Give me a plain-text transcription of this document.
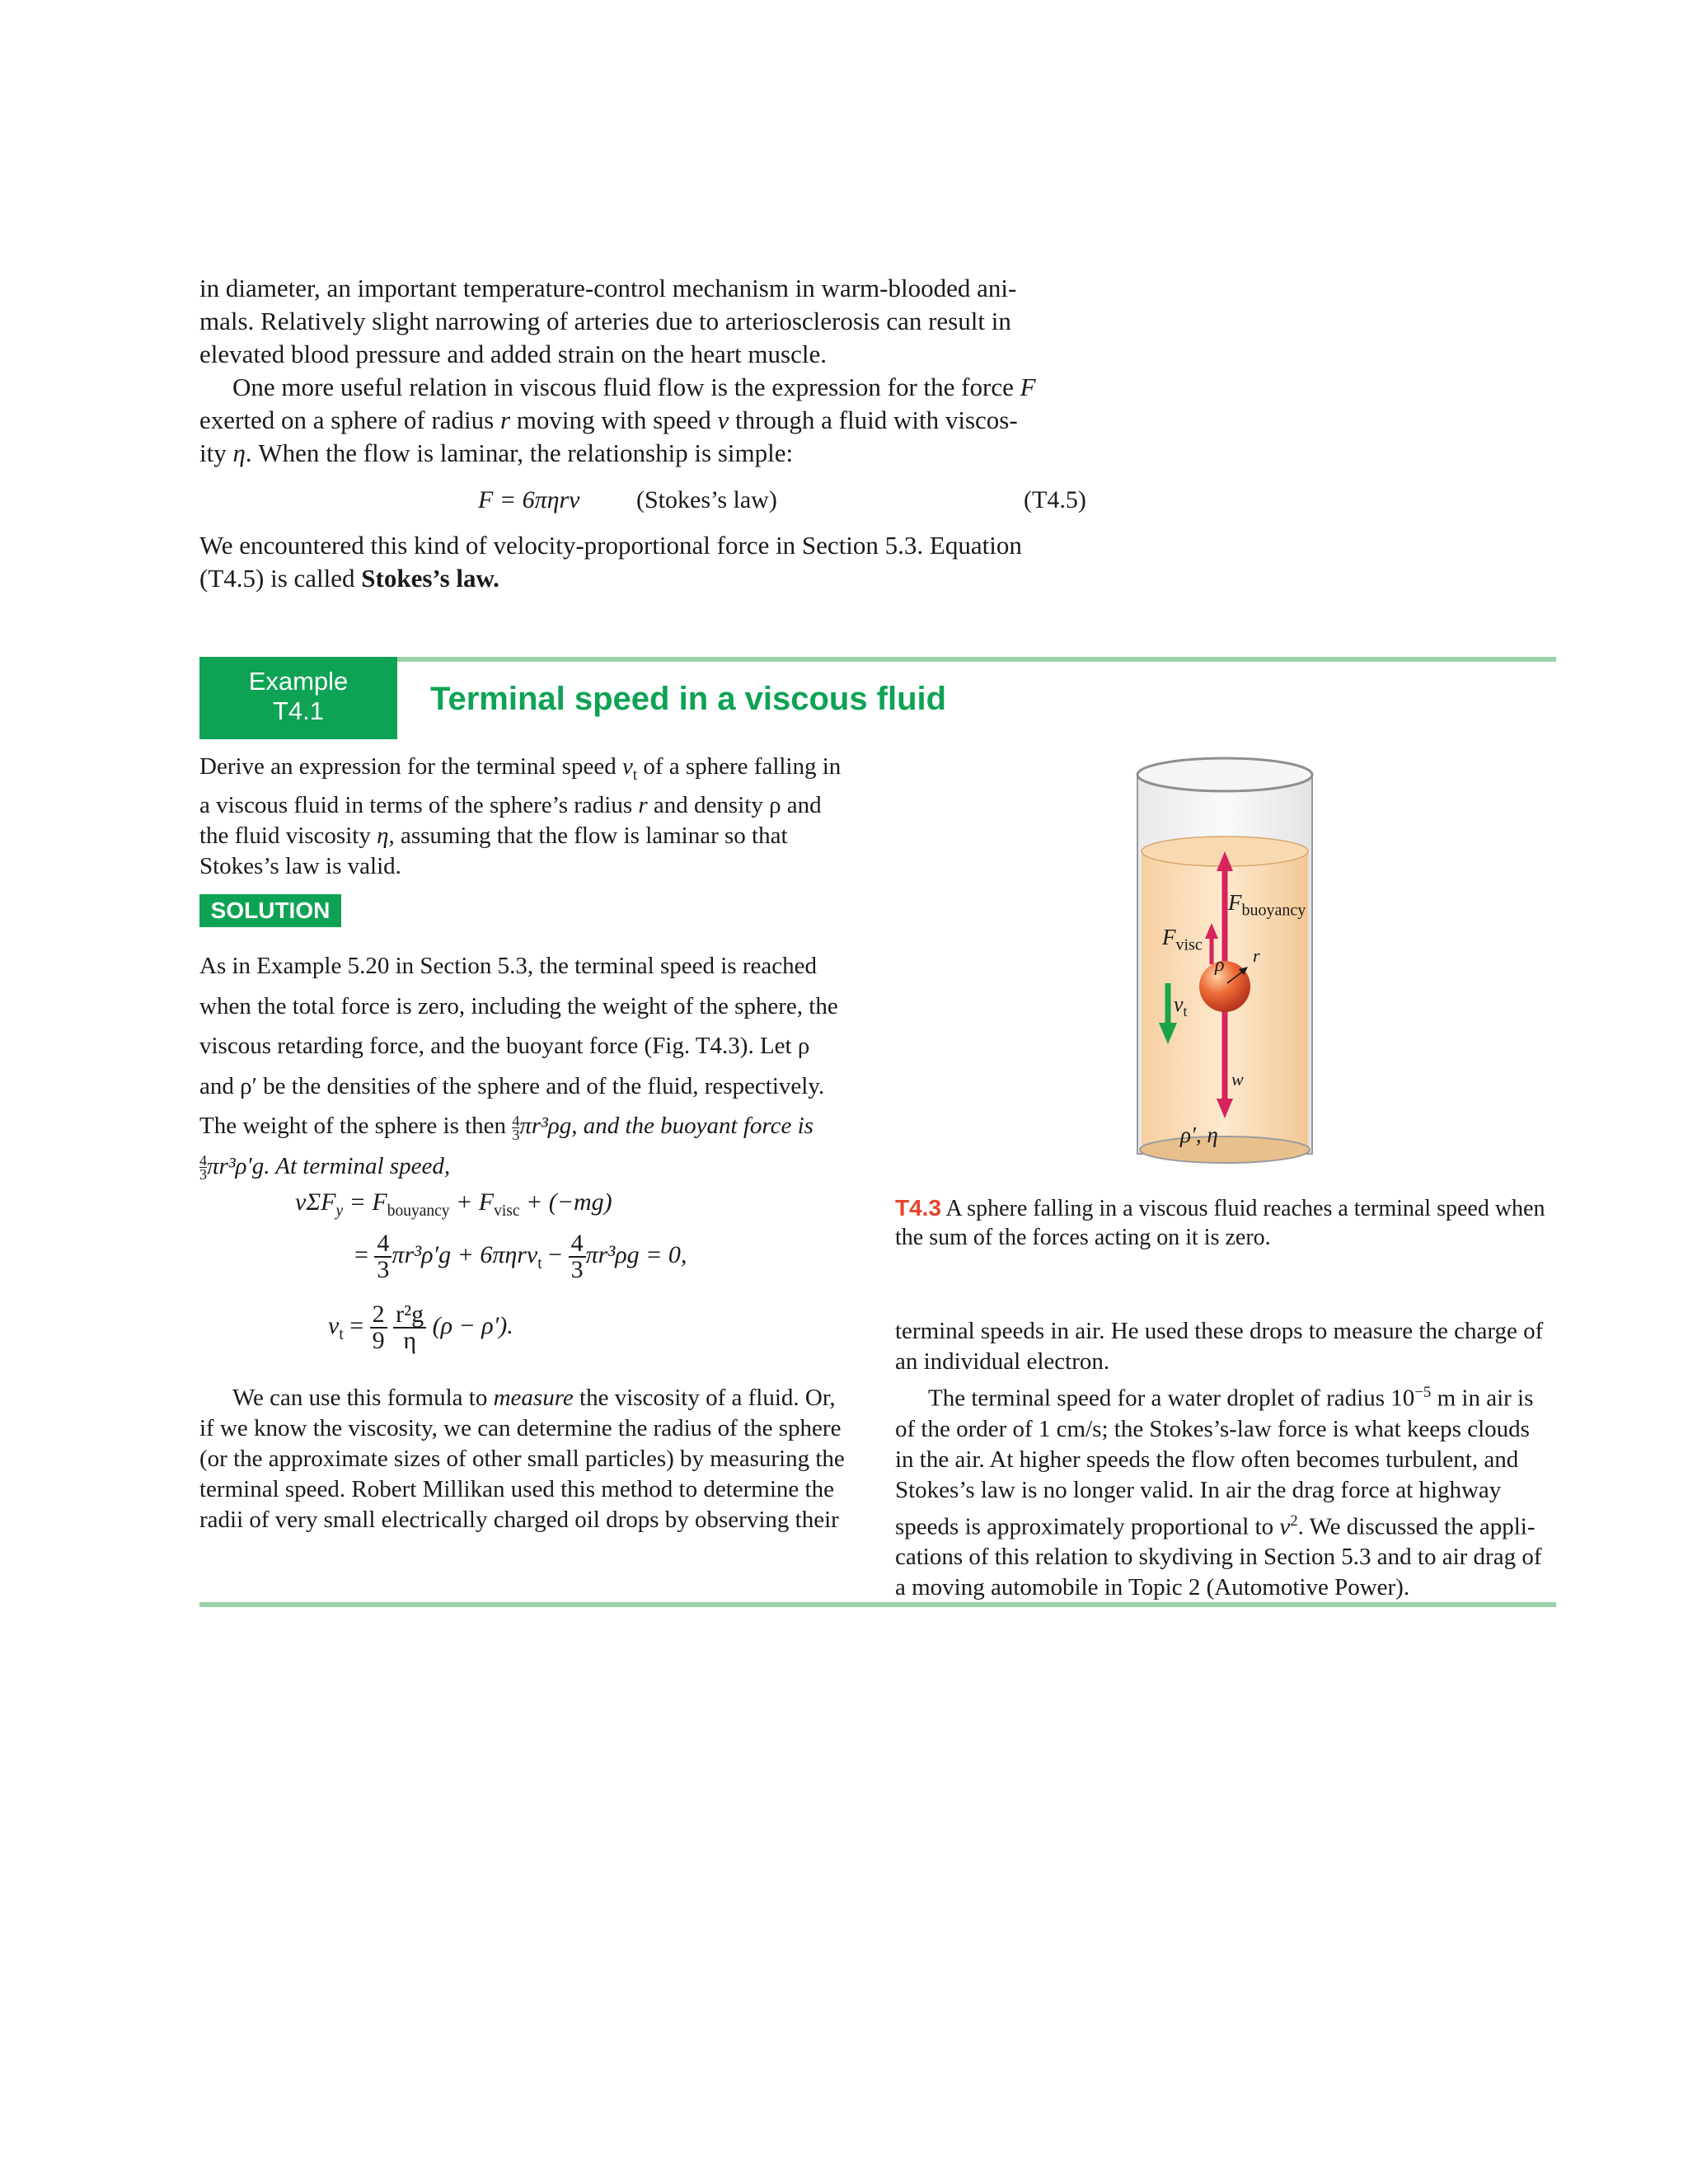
in diameter, an important temperature-control mechanism in warm-blooded ani-

mals. Relatively slight narrowing of arteries due to arteriosclerosis can result in

elevated blood pressure and added strain on the heart muscle.

One more useful relation in viscous fluid flow is the expression for the force F

exerted on a sphere of radius r moving with speed v through a fluid with viscos-

ity η. When the flow is laminar, the relationship is simple:

F = 6πηrv (Stokes’s law)	(T4.5)

We encountered this kind of velocity-proportional force in Section 5.3. Equation

(T4.5) is called Stokes’s law.

Example
T4.1	Terminal speed in a viscous fluid

Derive an expression for the terminal speed $v_t$ of a sphere falling in

a viscous fluid in terms of the sphere’s radius r and density ρ and

the fluid viscosity η, assuming that the flow is laminar so that

Stokes’s law is valid.

SOLUTION

As in Example 5.20 in Section 5.3, the terminal speed is reached

when the total force is zero, including the weight of the sphere, the

viscous retarding force, and the buoyant force (Fig. T4.3). Let ρ

and ρ′ be the densities of the sphere and of the fluid, respectively.

The weight of the sphere is then $\frac{4}{3}\pi r^3\rho g$, and the buoyant force is

$\frac{4}{3}\pi r^3\rho'g$. At terminal speed,

$v\Sigma F_y = F_{bouyancy} + F_{visc} + (-mg)$
= $\frac{4}{3} \pi r^3\rho'g + 6\pi\eta rv_t - \frac{4}{3} \pi r^3\rho g = 0$,
$v_t = \frac{2}{9}$
$\frac{\text{r²g}}{\eta} (\rho - \rho')$.

We can use this formula to measure the viscosity of a fluid. Or,

if we know the viscosity, we can determine the radius of the sphere

(or the approximate sizes of other small particles) by measuring the

terminal speed. Robert Millikan used this method to determine the

radii of very small electrically charged oil drops by observing their

$F_{buoyancy}$
$F_{visc}$
ρ r
$v_t$
w
ρ′, η
T4.3 A sphere falling in a viscous fluid reaches a terminal speed when the sum of the forces acting on it is zero.

terminal speeds in air. He used these drops to measure the charge of

an individual electron.

The terminal speed for a water droplet of radius $10^{-5}$ m in air is

of the order of 1 cm/s; the Stokes’s-law force is what keeps clouds

in the air. At higher speeds the flow often becomes turbulent, and

Stokes’s law is no longer valid. In air the drag force at highway

speeds is approximately proportional to $v^2$. We discussed the appli-

cations of this relation to skydiving in Section 5.3 and to air drag of

a moving automobile in Topic 2 (Automotive Power).
